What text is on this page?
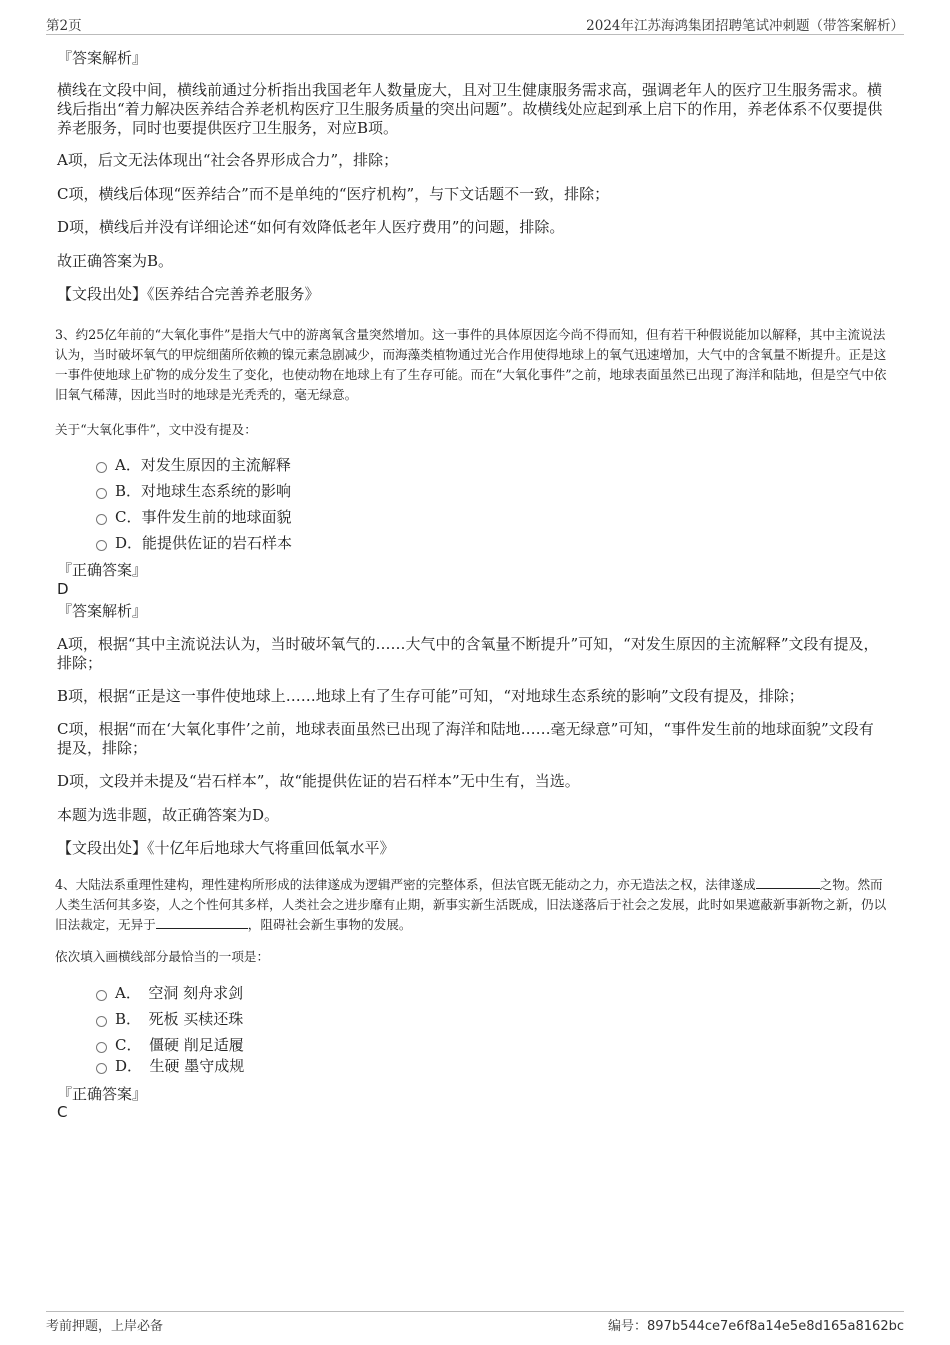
第2页	2024年江苏海鸿集团招聘笔试冲刺题（带答案解析）
『答案解析』

横线在文段中间，横线前通过分析指出我国老年人数量庞大，且对卫生健康服务需求高，强调老年人的医疗卫生服务需求。横线后指出“着力解决医养结合养老机构医疗卫生服务质量的突出问题”。故横线处应起到承上启下的作用，养老体系不仅要提供养老服务，同时也要提供医疗卫生服务，对应B项。

A项，后文无法体现出“社会各界形成合力”，排除；

C项，横线后体现“医养结合”而不是单纯的“医疗机构”，与下文话题不一致，排除；

D项，横线后并没有详细论述“如何有效降低老年人医疗费用”的问题，排除。

故正确答案为B。

【文段出处】《医养结合完善养老服务》

3、约25亿年前的“大氧化事件”是指大气中的游离氧含量突然增加。这一事件的具体原因迄今尚不得而知，但有若干种假说能加以解释，其中主流说法认为，当时破坏氧气的甲烷细菌所依赖的镍元素急剧减少，而海藻类植物通过光合作用使得地球上的氧气迅速增加，大气中的含氧量不断提升。正是这一事件使地球上矿物的成分发生了变化，也使动物在地球上有了生存可能。而在“大氧化事件”之前，地球表面虽然已出现了海洋和陆地，但是空气中依旧氧气稀薄，因此当时的地球是光秃秃的，毫无绿意。

关于“大氧化事件”，文中没有提及：

A．对发生原因的主流解释
B．对地球生态系统的影响
C．事件发生前的地球面貌
D．能提供佐证的岩石样本
『正确答案』
D
『答案解析』

A项，根据“其中主流说法认为，当时破坏氧气的……大气中的含氧量不断提升”可知，“对发生原因的主流解释”文段有提及，排除；

B项，根据“正是这一事件使地球上……地球上有了生存可能”可知，“对地球生态系统的影响”文段有提及，排除；

C项，根据“而在‘大氧化事件’之前，地球表面虽然已出现了海洋和陆地……毫无绿意”可知，“事件发生前的地球面貌”文段有提及，排除；

D项，文段并未提及“岩石样本”，故“能提供佐证的岩石样本”无中生有，当选。

本题为选非题，故正确答案为D。

【文段出处】《十亿年后地球大气将重回低氧水平》

4、大陆法系重理性建构，理性建构所形成的法律遂成为逻辑严密的完整体系，但法官既无能动之力，亦无造法之权，法律遂成	之物。然而人类生活何其多姿，人之个性何其多样，人类社会之进步靡有止期，新事实新生活既成，旧法遂落后于社会之发展，此时如果遮蔽新事新物之新，仍以旧法裁定，无异于	，阻碍社会新生事物的发展。

依次填入画横线部分最恰当的一项是：

A．　空洞 刻舟求剑
B．　死板 买椟还珠
C．　僵硬 削足适履
D．　生硬 墨守成规
『正确答案』
C
考前押题，上岸必备	编号：897b544ce7e6f8a14e5e8d165a8162bc
